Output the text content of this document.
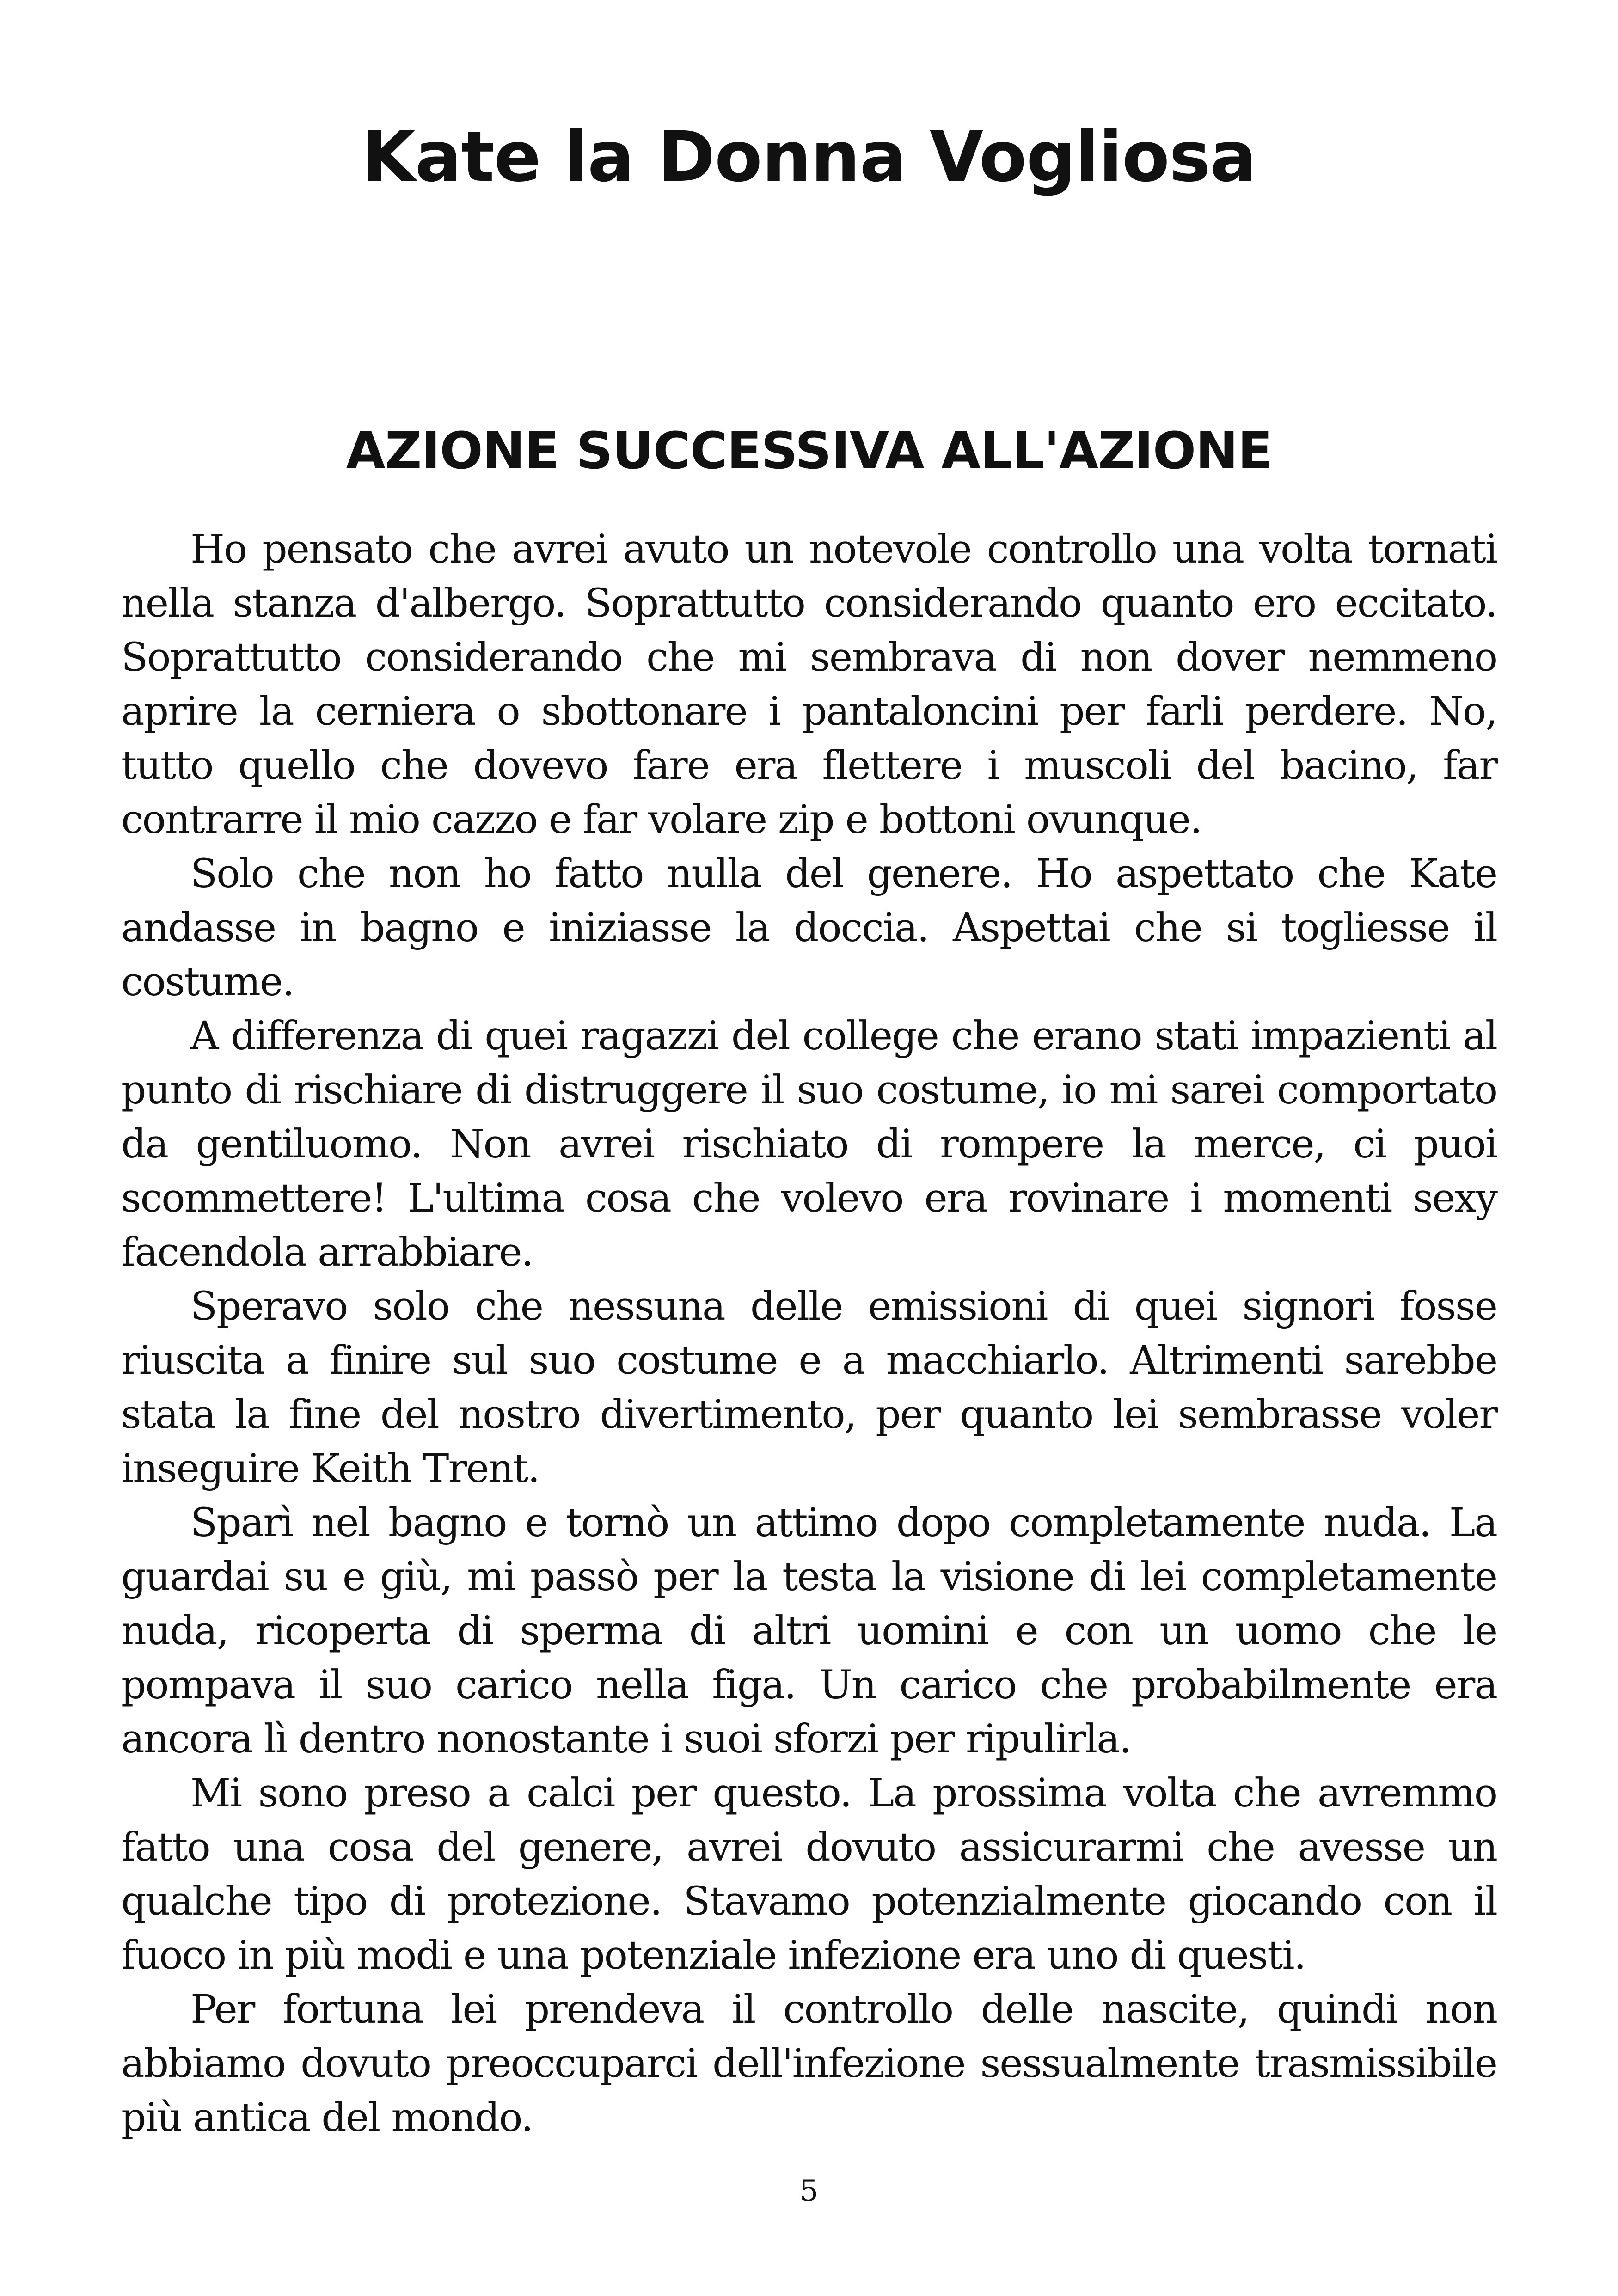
Kate la Donna Vogliosa
AZIONE SUCCESSIVA ALL'AZIONE

Ho pensato che avrei avuto un notevole controllo una volta tornati nella stanza d'albergo. Soprattutto considerando quanto ero eccitato. Soprattutto considerando che mi sembrava di non dover nemmeno aprire la cerniera o sbottonare i pantaloncini per farli perdere. No, tutto quello che dovevo fare era flettere i muscoli del bacino, far contrarre il mio cazzo e far volare zip e bottoni ovunque.

Solo che non ho fatto nulla del genere. Ho aspettato che Kate andasse in bagno e iniziasse la doccia. Aspettai che si togliesse il costume.

A differenza di quei ragazzi del college che erano stati impazienti al punto di rischiare di distruggere il suo costume, io mi sarei comportato da gentiluomo. Non avrei rischiato di rompere la merce, ci puoi scommettere! L'ultima cosa che volevo era rovinare i momenti sexy facendola arrabbiare.

Speravo solo che nessuna delle emissioni di quei signori fosse riuscita a finire sul suo costume e a macchiarlo. Altrimenti sarebbe stata la fine del nostro divertimento, per quanto lei sembrasse voler inseguire Keith Trent.

Sparì nel bagno e tornò un attimo dopo completamente nuda. La guardai su e giù, mi passò per la testa la visione di lei completamente nuda, ricoperta di sperma di altri uomini e con un uomo che le pompava il suo carico nella figa. Un carico che probabilmente era ancora lì dentro nonostante i suoi sforzi per ripulirla.

Mi sono preso a calci per questo. La prossima volta che avremmo fatto una cosa del genere, avrei dovuto assicurarmi che avesse un qualche tipo di protezione. Stavamo potenzialmente giocando con il fuoco in più modi e una potenziale infezione era uno di questi.

Per fortuna lei prendeva il controllo delle nascite, quindi non abbiamo dovuto preoccuparci dell'infezione sessualmente trasmissibile più antica del mondo.

5
